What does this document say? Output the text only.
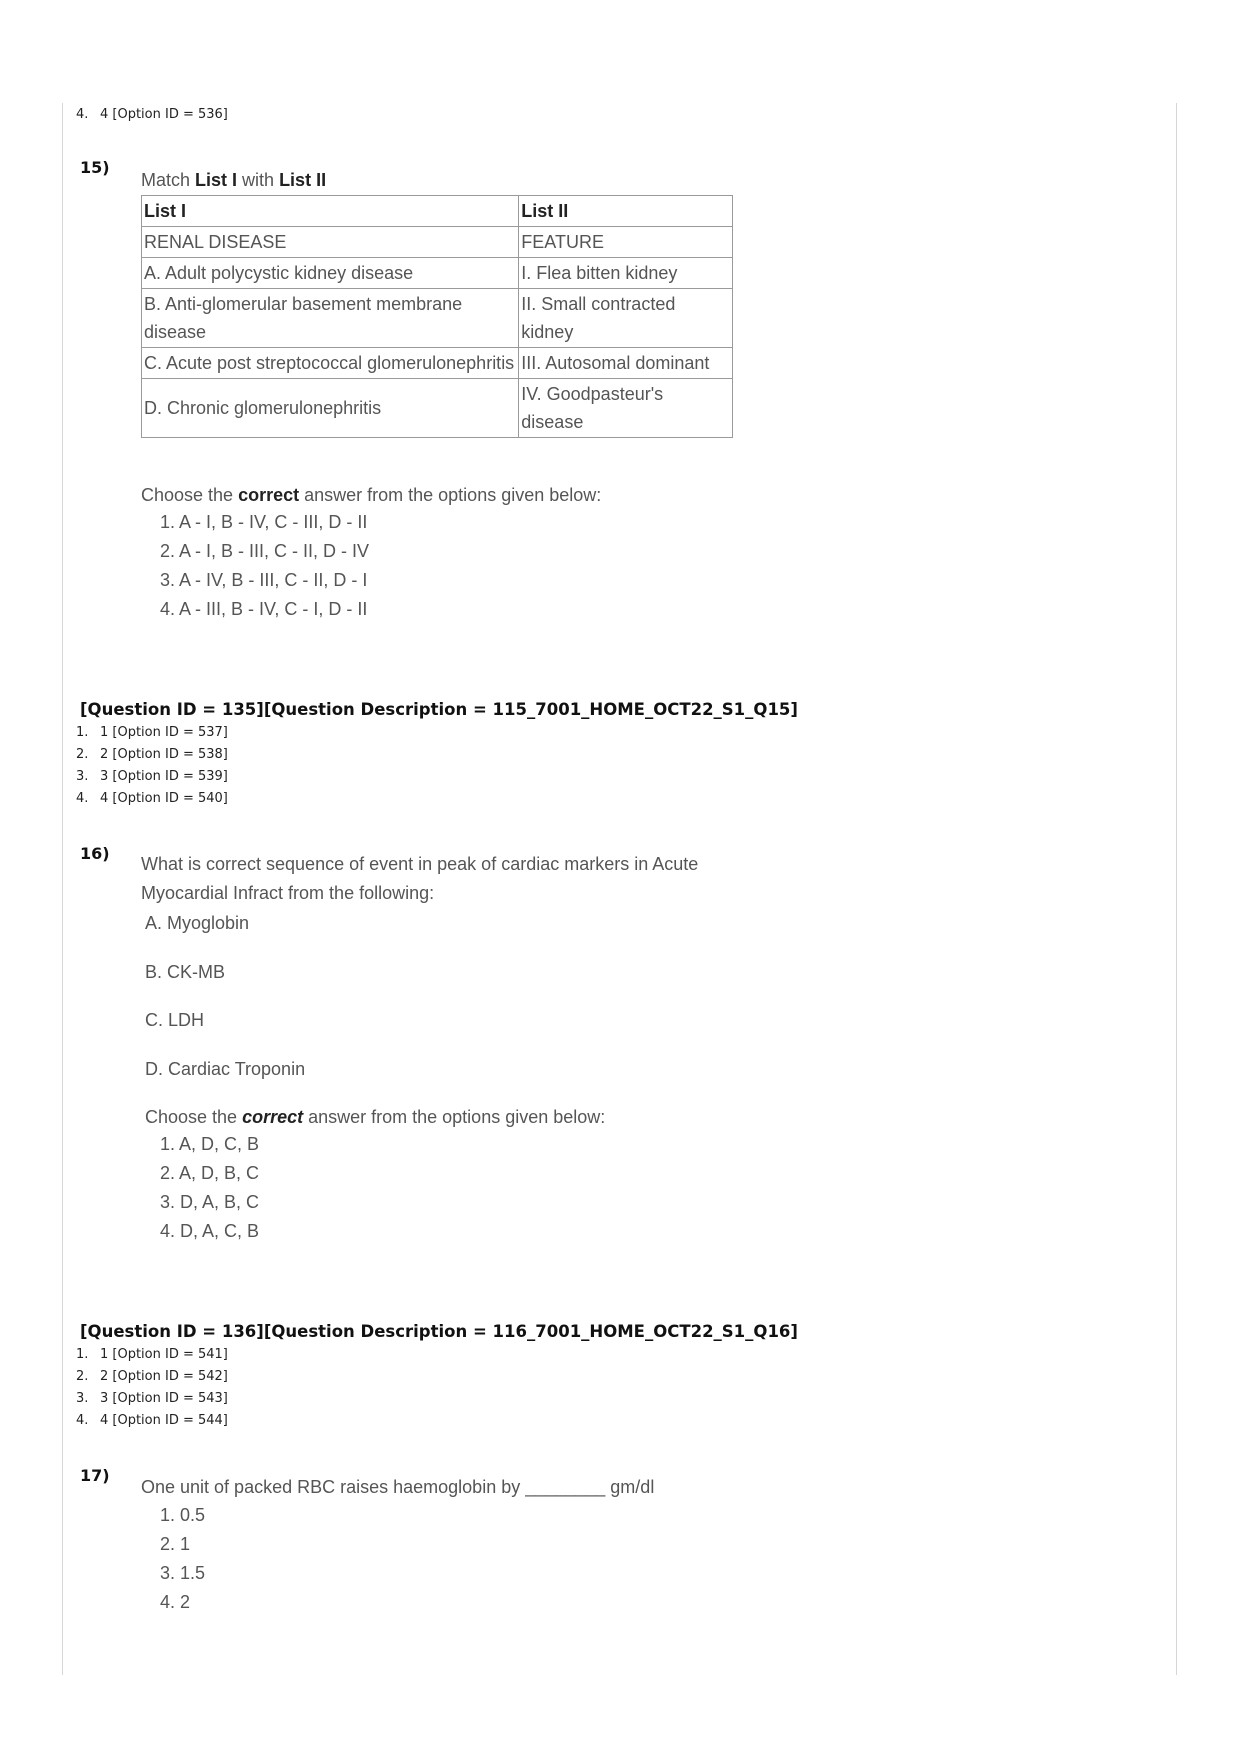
4. 4 [Option ID = 536]
15)
Match List I with List II
List I	List II
RENAL DISEASE	FEATURE
A. Adult polycystic kidney disease	I. Flea bitten kidney
B. Anti-glomerular basement membrane disease	II. Small contracted kidney
C. Acute post streptococcal glomerulonephritis	III. Autosomal dominant
D. Chronic glomerulonephritis	IV. Goodpasteur's disease
Choose the correct answer from the options given below:
1. A - I, B - IV, C - III, D - II
2. A - I, B - III, C - II, D - IV
3. A - IV, B - III, C - II, D - I
4. A - III, B - IV, C - I, D - II
[Question ID = 135][Question Description = 115_7001_HOME_OCT22_S1_Q15]
1. 1 [Option ID = 537]
2. 2 [Option ID = 538]
3. 3 [Option ID = 539]
4. 4 [Option ID = 540]
16)
What is correct sequence of event in peak of cardiac markers in Acute
Myocardial Infract from the following:
A. Myoglobin
B. CK-MB
C. LDH
D. Cardiac Troponin
Choose the correct answer from the options given below:
1. A, D, C, B
2. A, D, B, C
3. D, A, B, C
4. D, A, C, B
[Question ID = 136][Question Description = 116_7001_HOME_OCT22_S1_Q16]
1. 1 [Option ID = 541]
2. 2 [Option ID = 542]
3. 3 [Option ID = 543]
4. 4 [Option ID = 544]
17)
One unit of packed RBC raises haemoglobin by ________ gm/dl
1. 0.5
2. 1
3. 1.5
4. 2
